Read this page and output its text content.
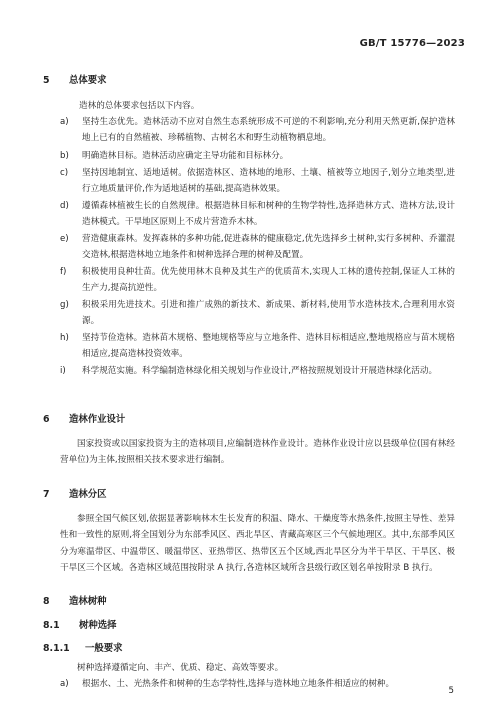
GB/T 15776—2023
5 总体要求
造林的总体要求包括以下内容。
a)	坚持生态优先。造林活动不应对自然生态系统形成不可逆的不利影响,充分利用天然更新,保护造林地上已有的自然植被、珍稀植物、古树名木和野生动植物栖息地。
b)	明确造林目标。造林活动应确定主导功能和目标林分。
c)	坚持因地制宜、适地适树。依据造林区、造林地的地形、土壤、植被等立地因子,划分立地类型,进行立地质量评价,作为适地适树的基础,提高造林效果。
d)	遵循森林植被生长的自然规律。根据造林目标和树种的生物学特性,选择造林方式、造林方法,设计造林模式。干旱地区原则上不成片营造乔木林。
e)	营造健康森林。发挥森林的多种功能,促进森林的健康稳定,优先选择乡土树种,实行多树种、乔灌混交造林,根据造林地立地条件和树种选择合理的树种及配置。
f)	积极使用良种壮苗。优先使用林木良种及其生产的优质苗木,实现人工林的遗传控制,保证人工林的生产力,提高抗逆性。
g)	积极采用先进技术。引进和推广成熟的新技术、新成果、新材料,使用节水造林技术,合理利用水资源。
h)	坚持节俭造林。造林苗木规格、整地规格等应与立地条件、造林目标相适应,整地规格应与苗木规格相适应,提高造林投资效率。
i)	科学规范实施。科学编制造林绿化相关规划与作业设计,严格按照规划设计开展造林绿化活动。
6 造林作业设计
国家投资或以国家投资为主的造林项目,应编制造林作业设计。造林作业设计应以县级单位(国有林经营单位)为主体,按照相关技术要求进行编制。
7 造林分区
参照全国气候区划,依据显著影响林木生长发育的积温、降水、干燥度等水热条件,按照主导性、差异性和一致性的原则,将全国划分为东部季风区、西北旱区、青藏高寒区三个气候地理区。其中,东部季风区分为寒温带区、中温带区、暖温带区、亚热带区、热带区五个区域,西北旱区分为半干旱区、干旱区、极干旱区三个区域。各造林区域范围按附录 A 执行,各造林区域所含县级行政区划名单按附录 B 执行。
8 造林树种
8.1 树种选择
8.1.1 一般要求
树种选择遵循定向、丰产、优质、稳定、高效等要求。
a)	根据水、土、光热条件和树种的生态学特性,选择与造林地立地条件相适应的树种。
5
